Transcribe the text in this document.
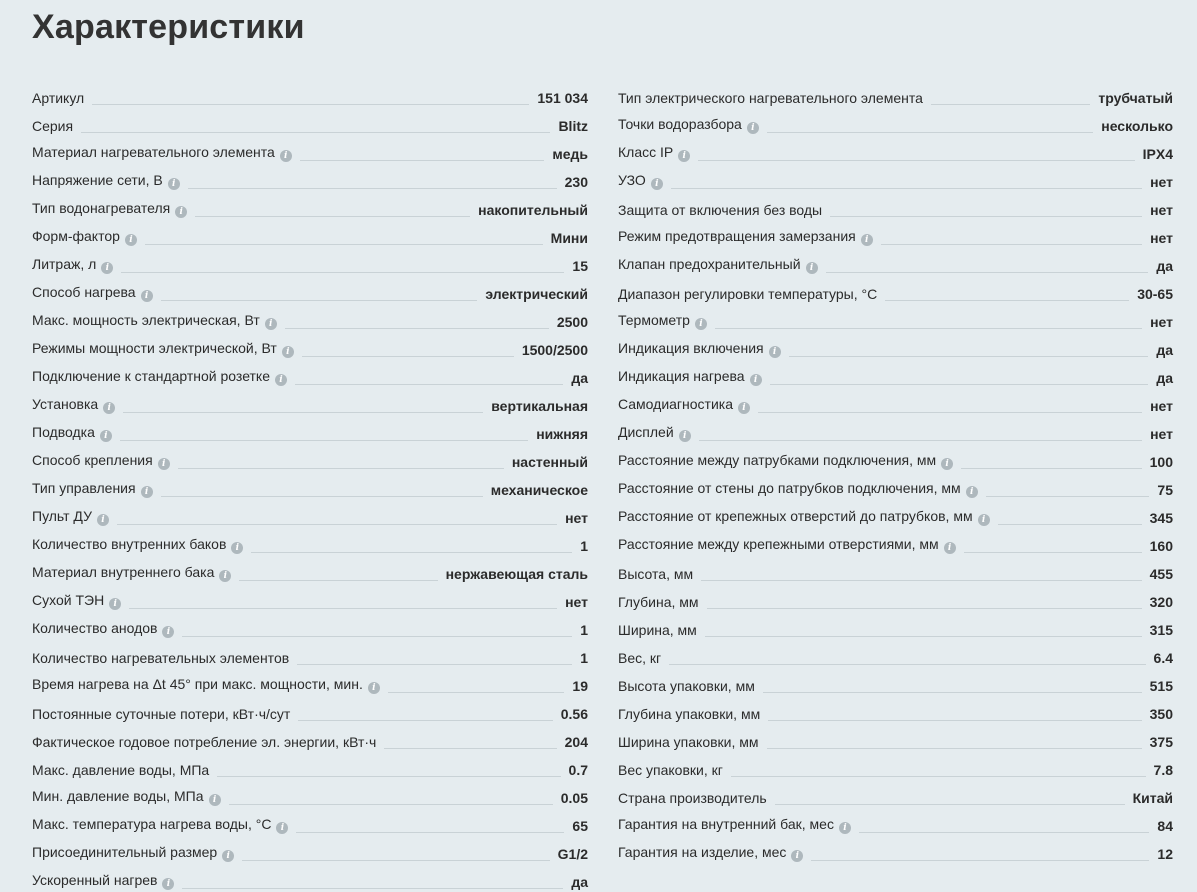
Характеристики
Артикул	151 034
Серия	Blitz
Материал нагревательного элемента i	медь
Напряжение сети, В i	230
Тип водонагревателя i	накопительный
Форм-фактор i	Мини
Литраж, л i	15
Способ нагрева i	электрический
Макс. мощность электрическая, Вт i	2500
Режимы мощности электрической, Вт i	1500/2500
Подключение к стандартной розетке i	да
Установка i	вертикальная
Подводка i	нижняя
Способ крепления i	настенный
Тип управления i	механическое
Пульт ДУ i	нет
Количество внутренних баков i	1
Материал внутреннего бака i	нержавеющая сталь
Сухой ТЭН i	нет
Количество анодов i	1
Количество нагревательных элементов	1
Время нагрева на Δt 45° при макс. мощности, мин. i	19
Постоянные суточные потери, кВт·ч/сут	0.56
Фактическое годовое потребление эл. энергии, кВт·ч	204
Макс. давление воды, МПа	0.7
Мин. давление воды, МПа i	0.05
Макс. температура нагрева воды, °С i	65
Присоединительный размер i	G1/2
Ускоренный нагрев i	да
Тип электрического нагревательного элемента	трубчатый
Точки водоразбора i	несколько
Класс IP i	IPX4
УЗО i	нет
Защита от включения без воды	нет
Режим предотвращения замерзания i	нет
Клапан предохранительный i	да
Диапазон регулировки температуры, °С	30-65
Термометр i	нет
Индикация включения i	да
Индикация нагрева i	да
Самодиагностика i	нет
Дисплей i	нет
Расстояние между патрубками подключения, мм i	100
Расстояние от стены до патрубков подключения, мм i	75
Расстояние от крепежных отверстий до патрубков, мм i	345
Расстояние между крепежными отверстиями, мм i	160
Высота, мм	455
Глубина, мм	320
Ширина, мм	315
Вес, кг	6.4
Высота упаковки, мм	515
Глубина упаковки, мм	350
Ширина упаковки, мм	375
Вес упаковки, кг	7.8
Страна производитель	Китай
Гарантия на внутренний бак, мес i	84
Гарантия на изделие, мес i	12
